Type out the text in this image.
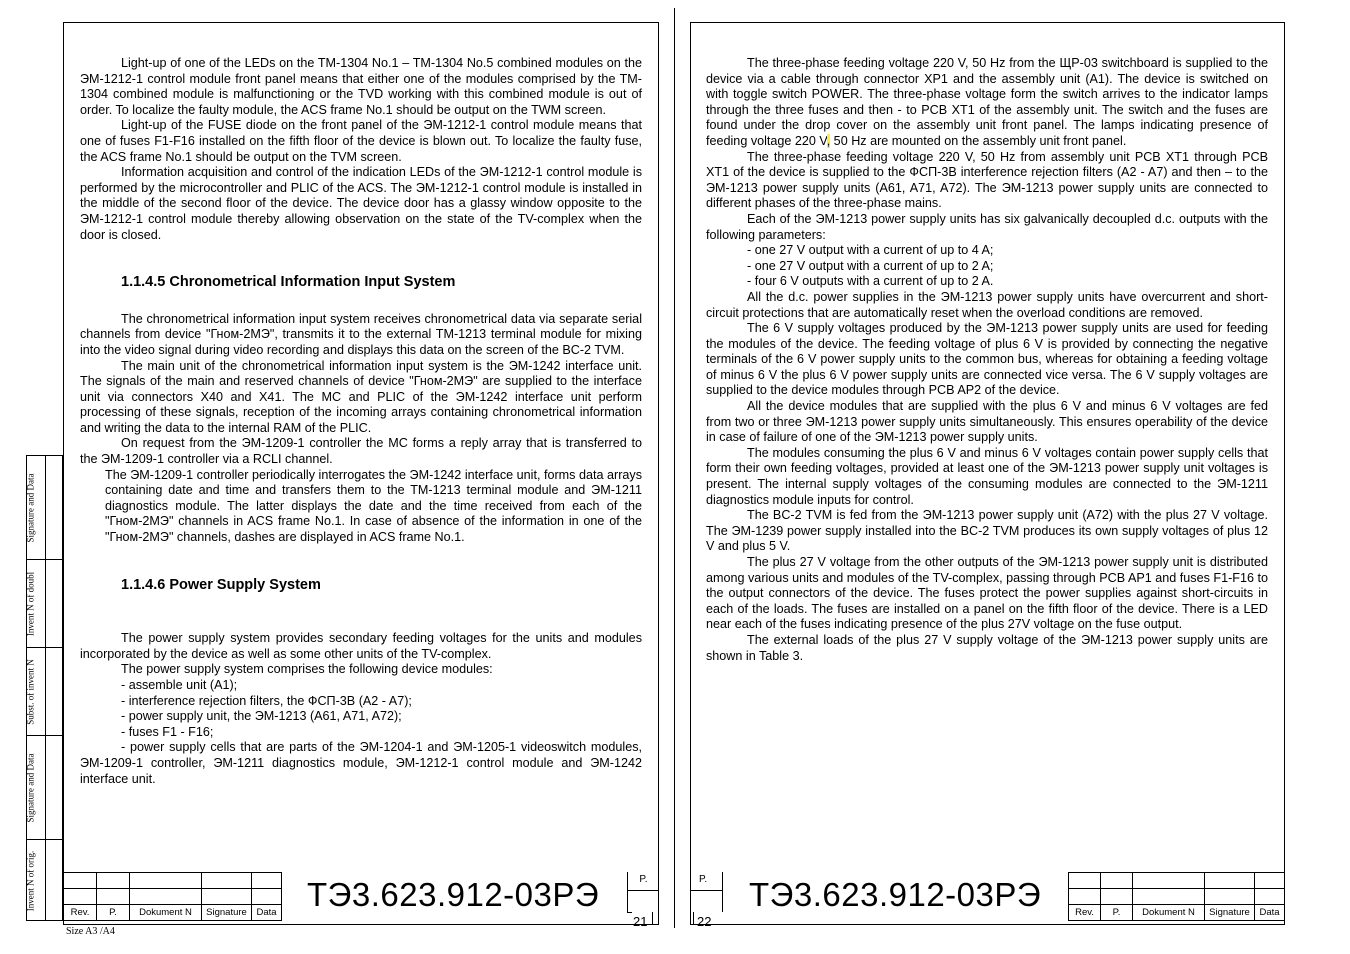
Light-up of one of the LEDs on the TM-1304 No.1 – TM-1304 No.5 combined modules on the ЭM-1212-1 control module front panel means that either one of the modules comprised by the TM-1304 combined module is malfunctioning or the TVD working with this combined module is out of order. To localize the faulty module, the ACS frame No.1 should be output on the TWM screen.

Light-up of the FUSE diode on the front panel of the ЭM-1212-1 control module means that one of fuses F1-F16 installed on the fifth floor of the device is blown out. To localize the faulty fuse, the ACS frame No.1 should be output on the TVM screen.

Information acquisition and control of the indication LEDs of the ЭM-1212-1 control module is performed by the microcontroller and PLIC of the ACS. The ЭM-1212-1 control module is installed in the middle of the second floor of the device. The device door has a glassy window opposite to the ЭM-1212-1 control module thereby allowing observation on the state of the TV-complex when the door is closed.

1.1.4.5 Chronometrical Information Input System

The chronometrical information input system receives chronometrical data via separate serial channels from device "Гном-2МЭ", transmits it to the external TM-1213 terminal module for mixing into the video signal during video recording and displays this data on the screen of the BC-2 TVM.

The main unit of the chronometrical information input system is the ЭM-1242 interface unit. The signals of the main and reserved channels of device "Гном-2МЭ" are supplied to the interface unit via connectors X40 and X41. The MC and PLIC of the ЭM-1242 interface unit perform processing of these signals, reception of the incoming arrays containing chronometrical information and writing the data to the internal RAM of the PLIC.

On request from the ЭM-1209-1 controller the MC forms a reply array that is transferred to the ЭM-1209-1 controller via a RCLI channel.

The ЭM-1209-1 controller periodically interrogates the ЭM-1242 interface unit, forms data arrays containing date and time and transfers them to the TM-1213 terminal module and ЭM-1211 diagnostics module. The latter displays the date and the time received from each of the "Гном-2МЭ" channels in ACS frame No.1. In case of absence of the information in one of the "Гном-2МЭ" channels, dashes are displayed in ACS frame No.1.

1.1.4.6 Power Supply System

The power supply system provides secondary feeding voltages for the units and modules incorporated by the device as well as some other units of the TV-complex.

The power supply system comprises the following device modules:

- assemble unit (A1);

- interference rejection filters, the ФСП-3В (A2 - A7);

- power supply unit, the ЭM-1213 (A61, A71, A72);

- fuses F1 - F16;

- power supply cells that are parts of the ЭM-1204-1 and ЭM-1205-1 videoswitch modules, ЭM-1209-1 controller, ЭM-1211 diagnostics module, ЭM-1212-1 control module and ЭM-1242 interface unit.

Signature and Data
Invent N of doubl
Subst. of invent N
Signature and Data
Invent N of orig.

Rev.	P.	Dokument N	Signature	Data ТЭ3.623.912-03РЭ	P.
21
Size A3 /A4

The three-phase feeding voltage 220 V, 50 Hz from the ЩР-03 switchboard is supplied to the device via a cable through connector XP1 and the assembly unit (A1). The device is switched on with toggle switch POWER. The three-phase voltage form the switch arrives to the indicator lamps through the three fuses and then - to PCB XT1 of the assembly unit. The switch and the fuses are found under the drop cover on the assembly unit front panel. The lamps indicating presence of feeding voltage 220 V, 50 Hz are mounted on the assembly unit front panel.

The three-phase feeding voltage 220 V, 50 Hz from assembly unit PCB XT1 through PCB XT1 of the device is supplied to the ФСП-3В interference rejection filters (A2 - A7) and then – to the ЭM-1213 power supply units (A61, A71, A72). The ЭM-1213 power supply units are connected to different phases of the three-phase mains.

Each of the ЭM-1213 power supply units has six galvanically decoupled d.c. outputs with the following parameters:

- one 27 V output with a current of up to 4 A;

- one 27 V output with a current of up to 2 A;

- four 6 V outputs with a current of up to 2 A.

All the d.c. power supplies in the ЭM-1213 power supply units have overcurrent and short-circuit protections that are automatically reset when the overload conditions are removed.

The 6 V supply voltages produced by the ЭM-1213 power supply units are used for feeding the modules of the device. The feeding voltage of plus 6 V is provided by connecting the negative terminals of the 6 V power supply units to the common bus, whereas for obtaining a feeding voltage of minus 6 V the plus 6 V power supply units are connected vice versa. The 6 V supply voltages are supplied to the device modules through PCB AP2 of the device.

All the device modules that are supplied with the plus 6 V and minus 6 V voltages are fed from two or three ЭM-1213 power supply units simultaneously. This ensures operability of the device in case of failure of one of the ЭM-1213 power supply units.

The modules consuming the plus 6 V and minus 6 V voltages contain power supply cells that form their own feeding voltages, provided at least one of the ЭM-1213 power supply unit voltages is present. The internal supply voltages of the consuming modules are connected to the ЭM-1211 diagnostics module inputs for control.

The BC-2 TVM is fed from the ЭM-1213 power supply unit (A72) with the plus 27 V voltage. The ЭM-1239 power supply installed into the BC-2 TVM produces its own supply voltages of plus 12 V and plus 5 V.

The plus 27 V voltage from the other outputs of the ЭM-1213 power supply unit is distributed among various units and modules of the TV-complex, passing through PCB AP1 and fuses F1-F16 to the output connectors of the device. The fuses protect the power supplies against short-circuits in each of the loads. The fuses are installed on a panel on the fifth floor of the device. There is a LED near each of the fuses indicating presence of the plus 27V voltage on the fuse output.

The external loads of the plus 27 V supply voltage of the ЭM-1213 power supply units are shown in Table 3.

P.
22
ТЭ3.623.912-03РЭ

					Rev.	P.	Dokument N	Signature	Data
